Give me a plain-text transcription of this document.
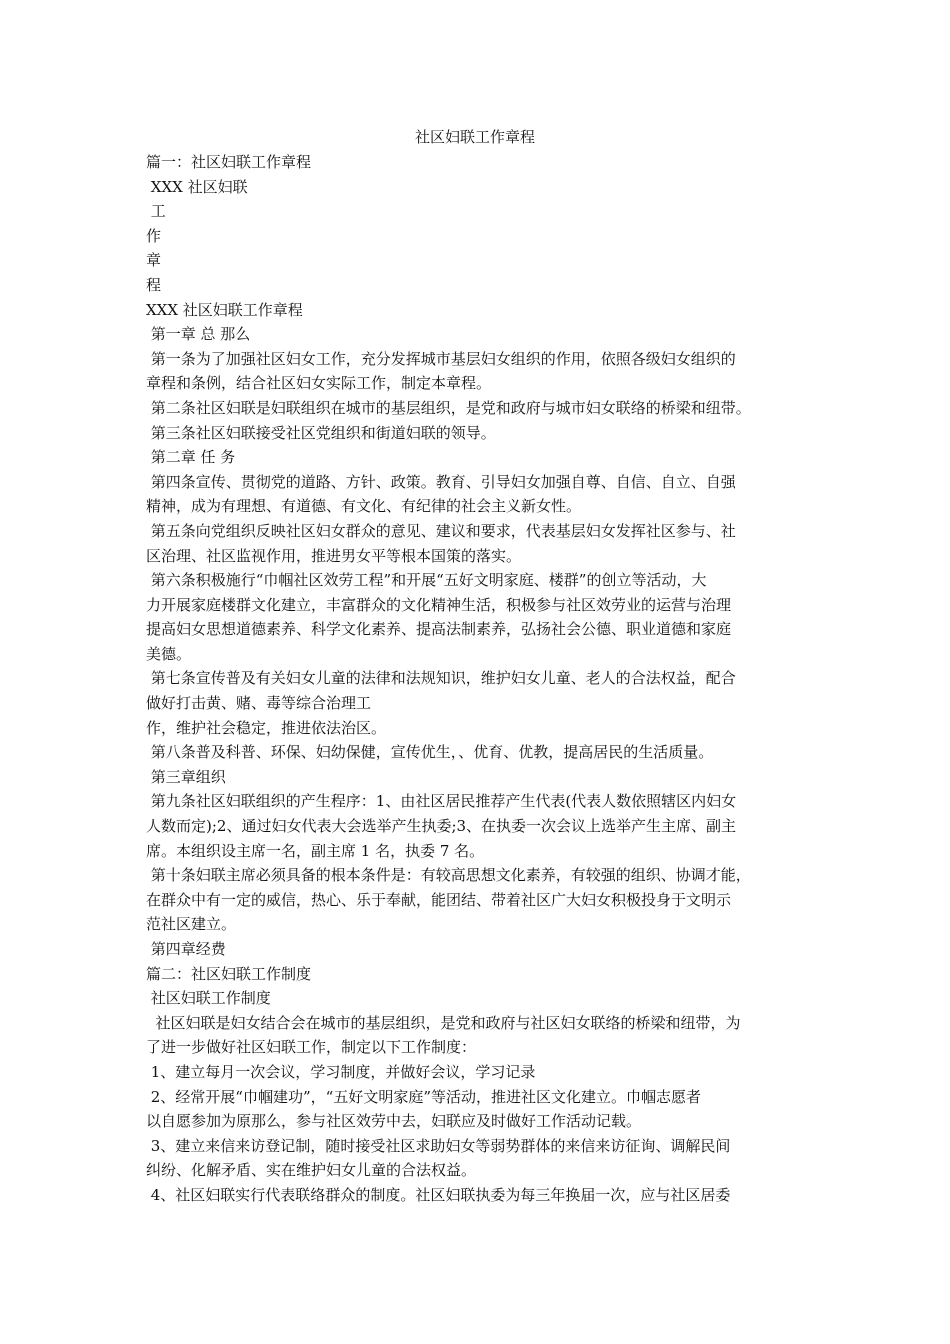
社区妇联工作章程
篇一：社区妇联工作章程
XXX 社区妇联
工
作
章
程
XXX 社区妇联工作章程
第一章 总 那么
第一条为了加强社区妇女工作，充分发挥城市基层妇女组织的作用，依照各级妇女组织的
章程和条例，结合社区妇女实际工作，制定本章程。
第二条社区妇联是妇联组织在城市的基层组织，是党和政府与城市妇女联络的桥梁和纽带。
第三条社区妇联接受社区党组织和街道妇联的领导。
第二章 任 务
第四条宣传、贯彻党的道路、方针、政策。教育、引导妇女加强自尊、自信、自立、自强
精神，成为有理想、有道德、有文化、有纪律的社会主义新女性。
第五条向党组织反映社区妇女群众的意见、建议和要求，代表基层妇女发挥社区参与、社
区治理、社区监视作用，推进男女平等根本国策的落实。
第六条积极施行“巾帼社区效劳工程”和开展“五好文明家庭、楼群”的创立等活动，大
力开展家庭楼群文化建立，丰富群众的文化精神生活，积极参与社区效劳业的运营与治理
提高妇女思想道德素养、科学文化素养、提高法制素养，弘扬社会公德、职业道德和家庭
美德。
第七条宣传普及有关妇女儿童的法律和法规知识，维护妇女儿童、老人的合法权益，配合
做好打击黄、赌、毒等综合治理工
作，维护社会稳定，推进依法治区。
第八条普及科普、环保、妇幼保健，宣传优生，、优育、优教，提高居民的生活质量。
第三章组织
第九条社区妇联组织的产生程序：1、由社区居民推荐产生代表(代表人数依照辖区内妇女
人数而定);2、通过妇女代表大会选举产生执委;3、在执委一次会议上选举产生主席、副主
席。本组织设主席一名，副主席 1 名，执委 7 名。
第十条妇联主席必须具备的根本条件是：有较高思想文化素养，有较强的组织、协调才能，
在群众中有一定的威信，热心、乐于奉献，能团结、带着社区广大妇女积极投身于文明示
范社区建立。
第四章经费
篇二：社区妇联工作制度
社区妇联工作制度
社区妇联是妇女结合会在城市的基层组织，是党和政府与社区妇女联络的桥梁和纽带，为
了进一步做好社区妇联工作，制定以下工作制度：
1、建立每月一次会议，学习制度，并做好会议，学习记录
2、经常开展“巾帼建功”，“五好文明家庭”等活动，推进社区文化建立。巾帼志愿者
以自愿参加为原那么，参与社区效劳中去，妇联应及时做好工作活动记载。
3、建立来信来访登记制，随时接受社区求助妇女等弱势群体的来信来访征询、调解民间
纠纷、化解矛盾、实在维护妇女儿童的合法权益。
4、社区妇联实行代表联络群众的制度。社区妇联执委为每三年换届一次，应与社区居委
